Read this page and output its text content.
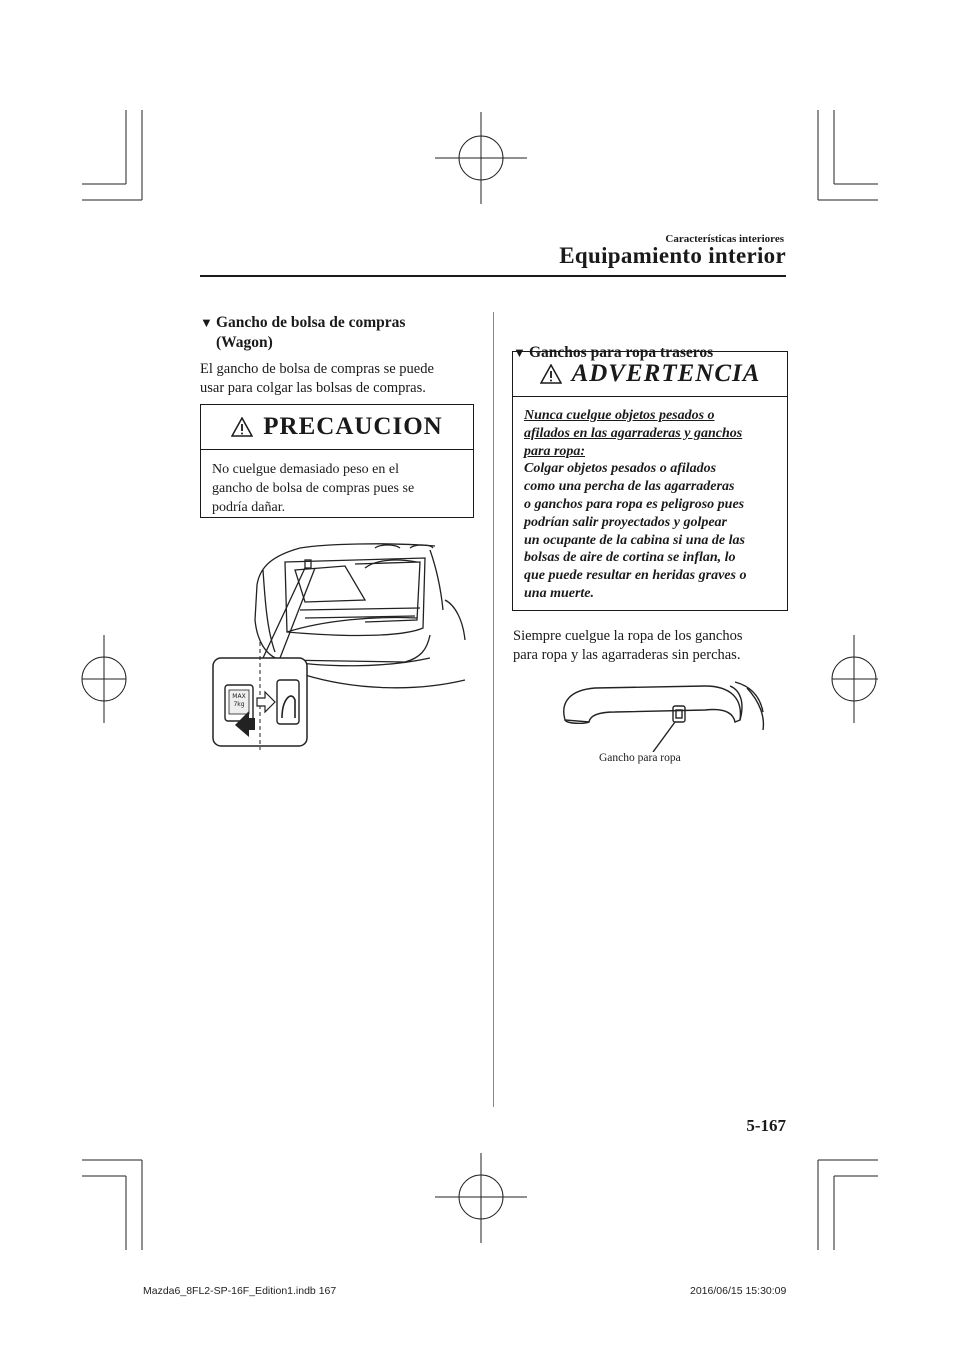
Características interiores
Equipamiento interior
▼ Gancho de bolsa de compras
(Wagon)
El gancho de bolsa de compras se puede
usar para colgar las bolsas de compras.
PRECAUCION
No cuelgue demasiado peso en el
gancho de bolsa de compras pues se
podría dañar.
MAX
7kg
▼ Ganchos para ropa traseros
ADVERTENCIA
Nunca cuelgue objetos pesados o
afilados en las agarraderas y ganchos
para ropa:
Colgar objetos pesados o afilados
como una percha de las agarraderas
o ganchos para ropa es peligroso pues
podrían salir proyectados y golpear
un ocupante de la cabina si una de las
bolsas de aire de cortina se inflan, lo
que puede resultar en heridas graves o
una muerte.
Siempre cuelgue la ropa de los ganchos
para ropa y las agarraderas sin perchas.
Gancho para ropa
5-167
Mazda6_8FL2-SP-16F_Edition1.indb 167	2016/06/15 15:30:09
